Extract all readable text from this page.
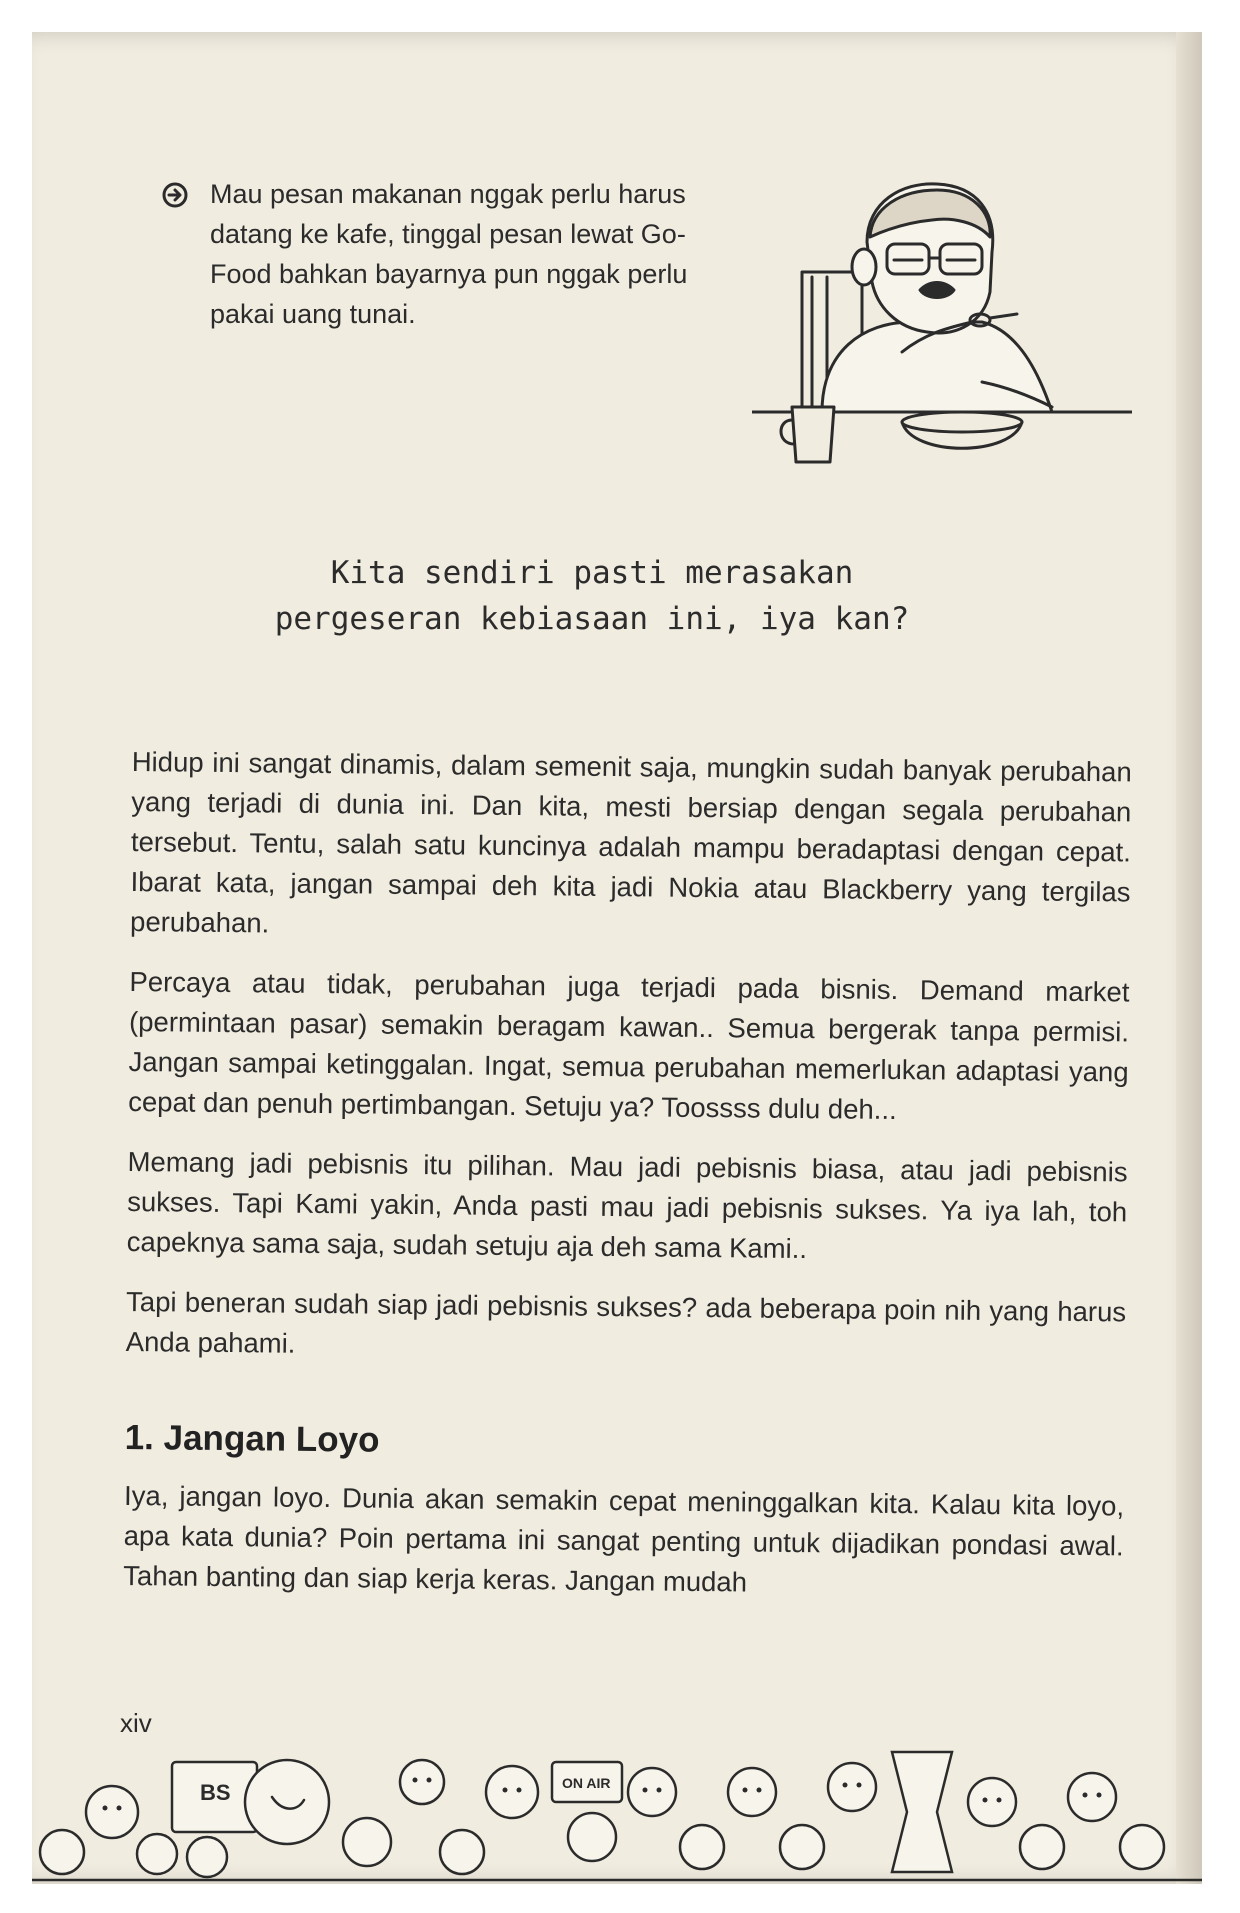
Mau pesan makanan nggak perlu harus datang ke kafe, tinggal pesan lewat Go-Food bahkan bayarnya pun nggak perlu pakai uang tunai.
Kita sendiri pasti merasakan
pergeseran kebiasaan ini, iya kan?

Hidup ini sangat dinamis, dalam semenit saja, mungkin sudah banyak perubahan yang terjadi di dunia ini. Dan kita, mesti bersiap dengan segala perubahan tersebut. Tentu, salah satu kuncinya adalah mampu beradaptasi dengan cepat. Ibarat kata, jangan sampai deh kita jadi Nokia atau Blackberry yang tergilas perubahan.

Percaya atau tidak, perubahan juga terjadi pada bisnis. Demand market (permintaan pasar) semakin beragam kawan.. Semua bergerak tanpa permisi. Jangan sampai ketinggalan. Ingat, semua perubahan memerlukan adaptasi yang cepat dan penuh pertimbangan. Setuju ya? Toossss dulu deh...

Memang jadi pebisnis itu pilihan. Mau jadi pebisnis biasa, atau jadi pebisnis sukses. Tapi Kami yakin, Anda pasti mau jadi pebisnis sukses. Ya iya lah, toh capeknya sama saja, sudah setuju aja deh sama Kami..

Tapi beneran sudah siap jadi pebisnis sukses? ada beberapa poin nih yang harus Anda pahami.

1. Jangan Loyo

Iya, jangan loyo. Dunia akan semakin cepat meninggalkan kita. Kalau kita loyo, apa kata dunia? Poin pertama ini sangat penting untuk dijadikan pondasi awal. Tahan banting dan siap kerja keras. Jangan mudah

xiv
BS	ON AIR
